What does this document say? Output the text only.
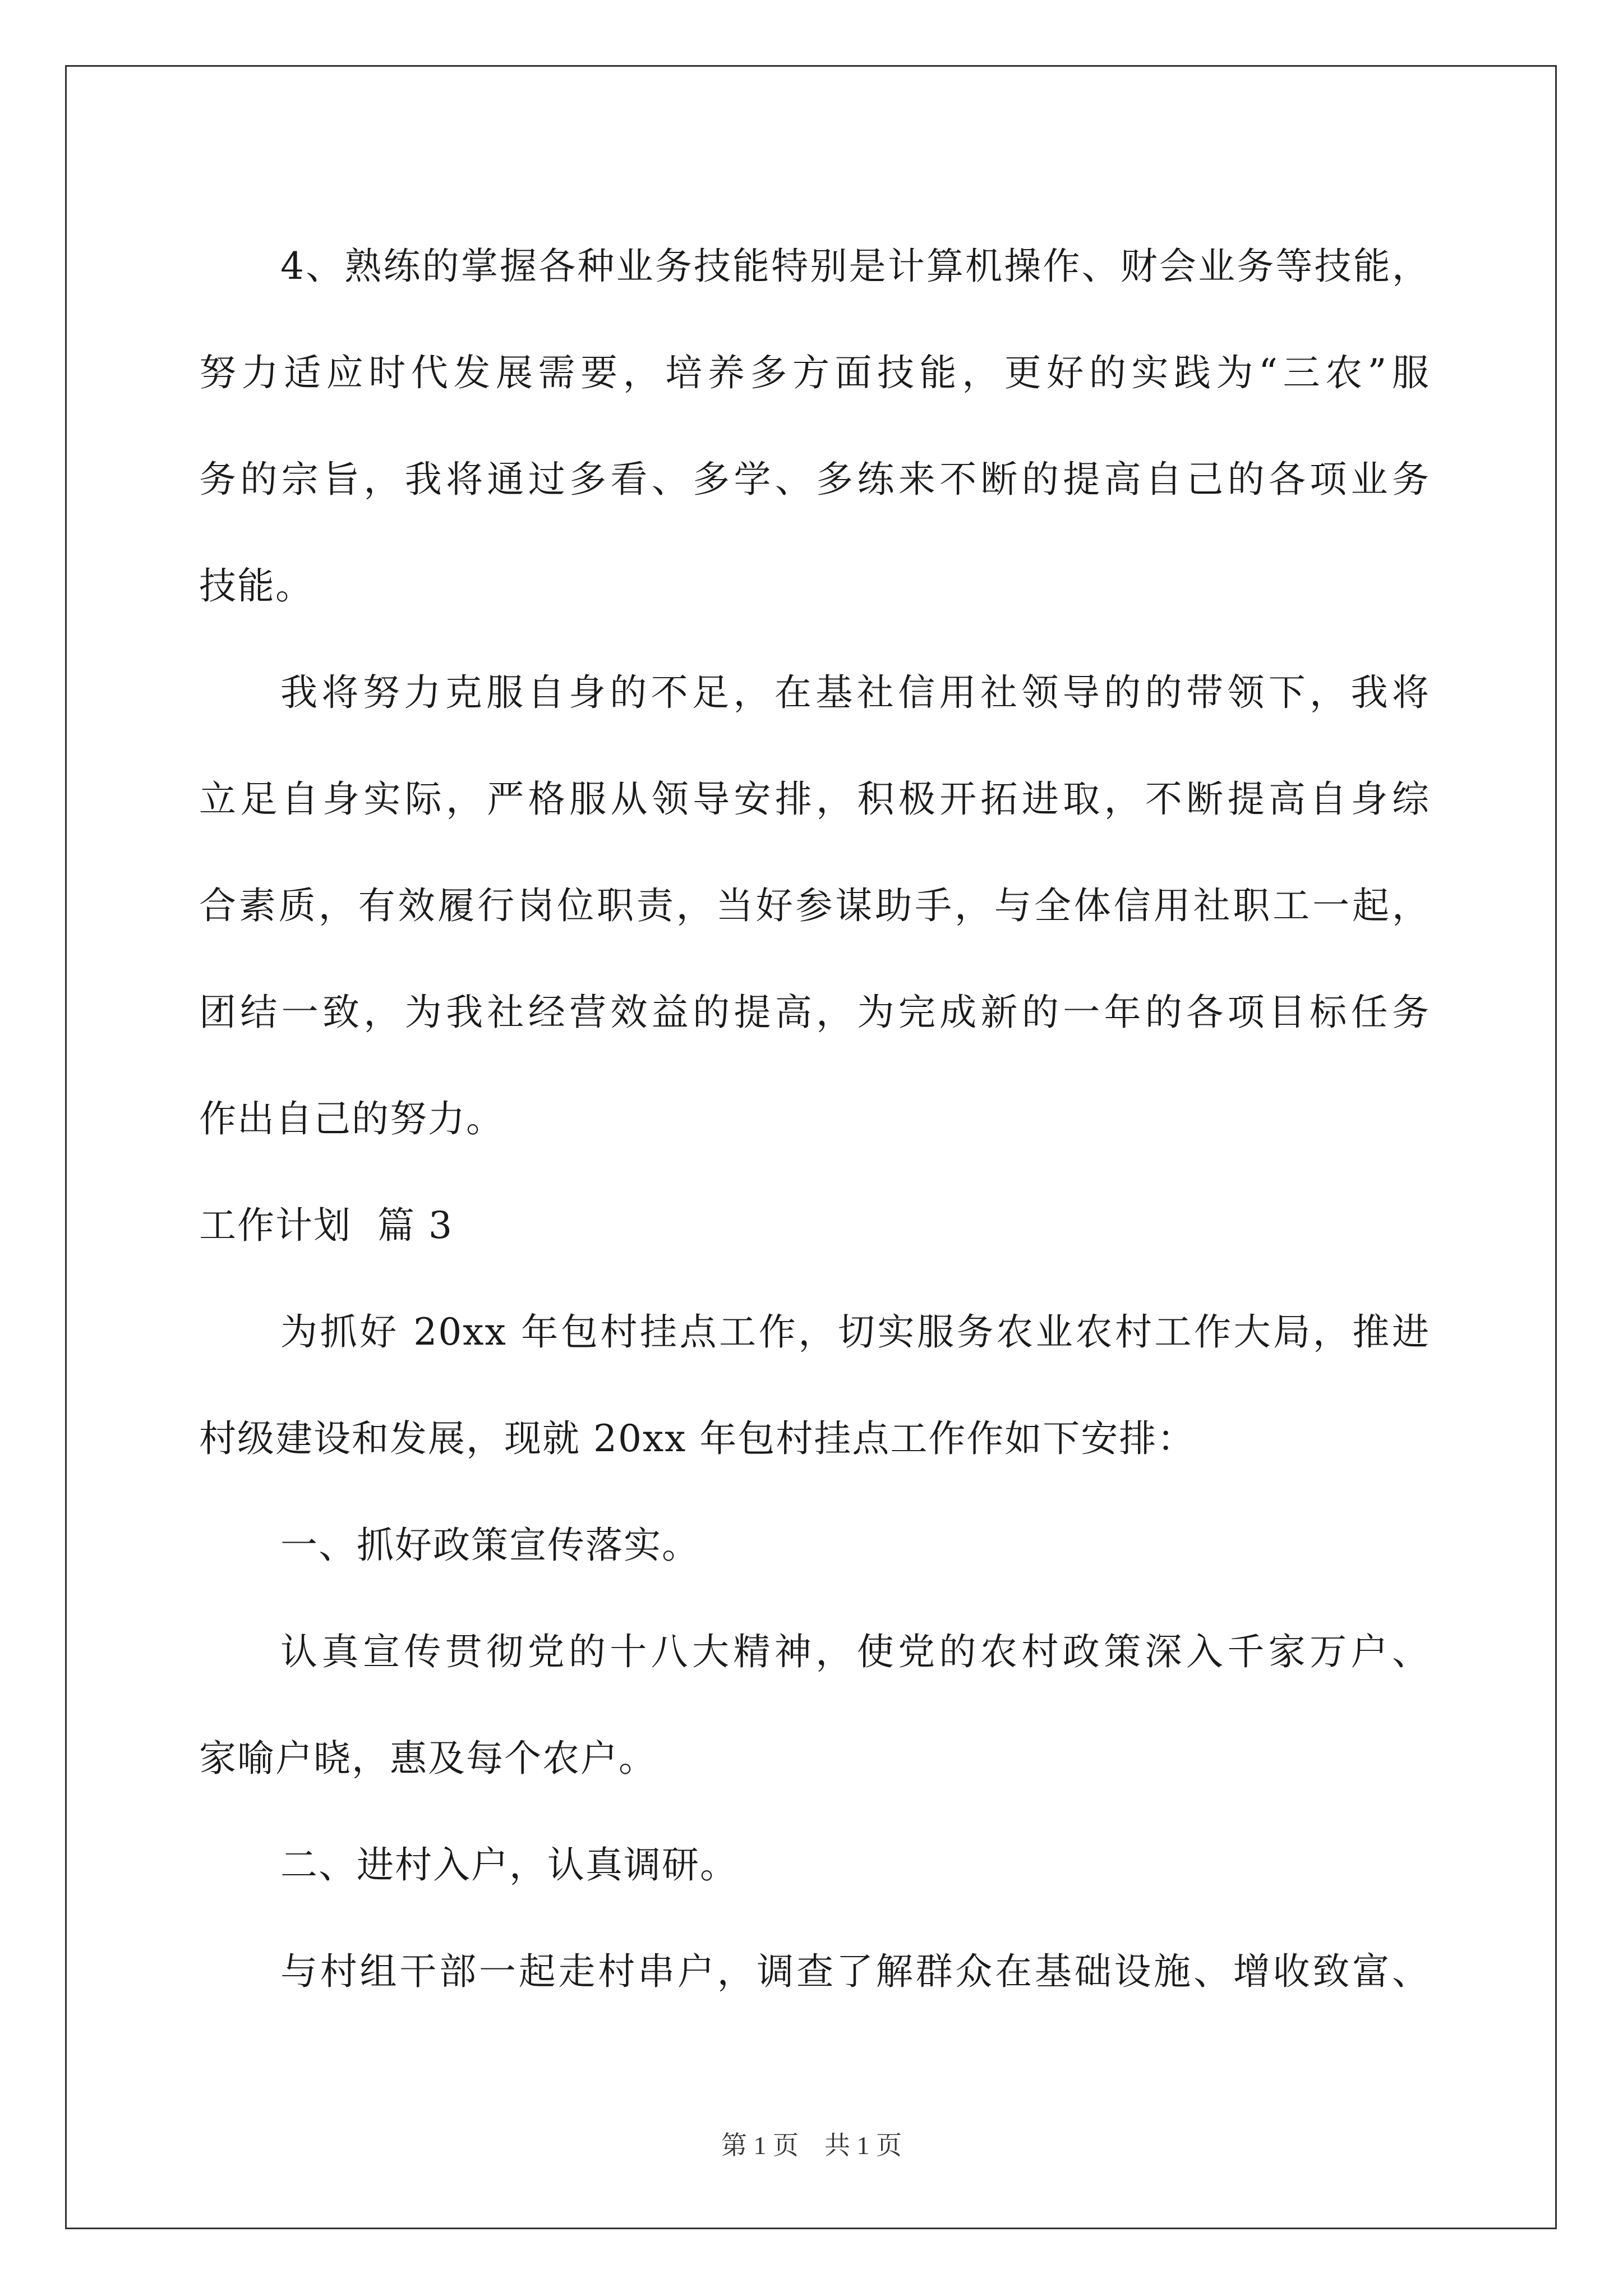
4、熟练的掌握各种业务技能特别是计算机操作、财会业务等技能，
努力适应时代发展需要，培养多方面技能，更好的实践为“三农”服
务的宗旨，我将通过多看、多学、多练来不断的提高自己的各项业务
技能。
我将努力克服自身的不足，在基社信用社领导的的带领下，我将
立足自身实际，严格服从领导安排，积极开拓进取，不断提高自身综
合素质，有效履行岗位职责，当好参谋助手，与全体信用社职工一起，
团结一致，为我社经营效益的提高，为完成新的一年的各项目标任务
作出自己的努力。
工作计划  篇 3
为抓好 20xx 年包村挂点工作，切实服务农业农村工作大局，推进
村级建设和发展，现就 20xx 年包村挂点工作作如下安排：
一、抓好政策宣传落实。
认真宣传贯彻党的十八大精神，使党的农村政策深入千家万户、
家喻户晓，惠及每个农户。
二、进村入户，认真调研。
与村组干部一起走村串户，调查了解群众在基础设施、增收致富、
第 1 页    共 1 页
